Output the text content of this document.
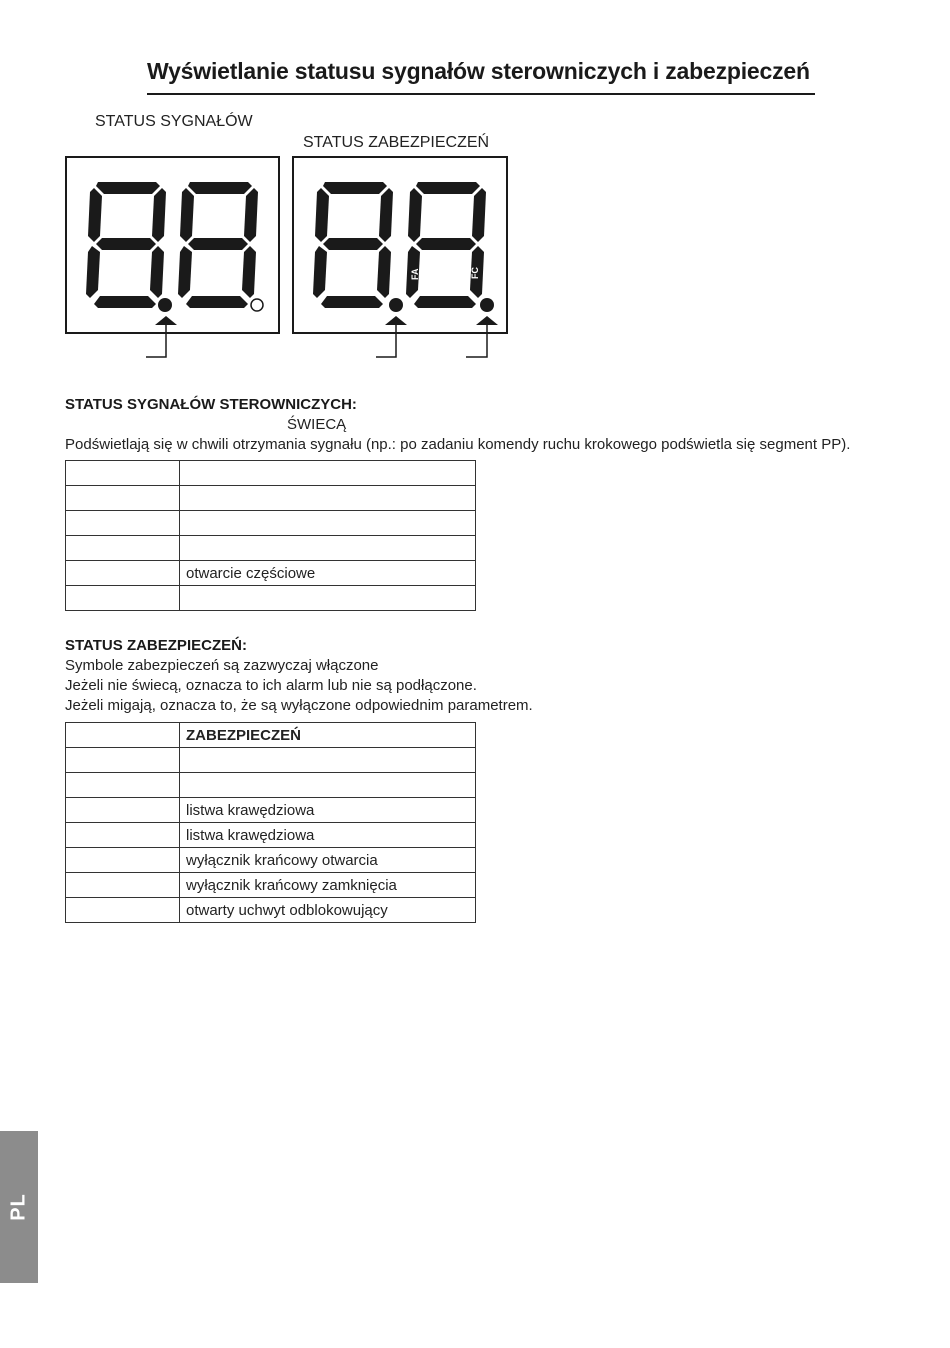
Wyświetlanie statusu sygnałów sterowniczych i zabezpieczeń
STATUS SYGNAŁÓW
STATUS ZABEZPIECZEŃ
FA	FC
STATUS SYGNAŁÓW STEROWNICZYCH:
ŚWIECĄ
Podświetlają się w chwili otrzymania sygnału (np.: po zadaniu komendy ruchu krokowego podświetla się segment PP).

	otwarcie częściowe

STATUS ZABEZPIECZEŃ:
Symbole zabezpieczeń są zazwyczaj włączone
Jeżeli nie świecą, oznacza to ich alarm lub nie są podłączone.
Jeżeli migają, oznacza to, że są wyłączone odpowiednim parametrem.
	ZABEZPIECZEŃ

	listwa krawędziowa
	listwa krawędziowa
	wyłącznik krańcowy otwarcia
	wyłącznik krańcowy zamknięcia
	otwarty uchwyt odblokowujący
PL
